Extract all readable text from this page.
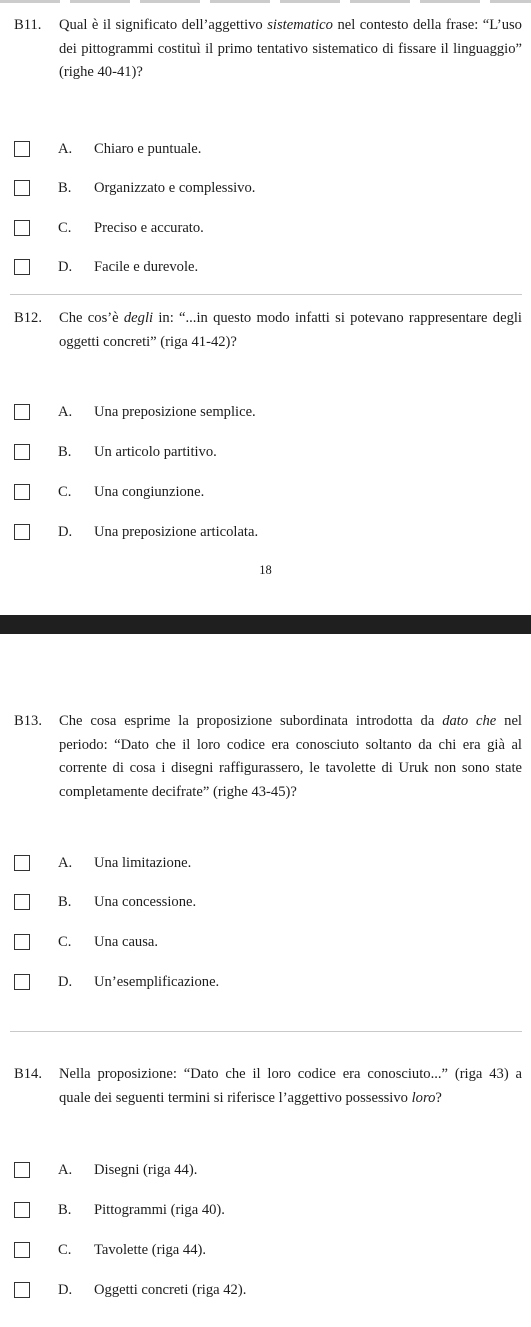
B11. Qual è il significato dell’aggettivo sistematico nel contesto della frase: “L’uso dei pittogrammi costituì il primo tentativo sistematico di fissare il linguaggio” (righe 40-41)?
A. Chiaro e puntuale.
B. Organizzato e complessivo.
C. Preciso e accurato.
D. Facile e durevole.
B12. Che cos’è degli in: “...in questo modo infatti si potevano rappresentare degli oggetti concreti” (riga 41-42)?
A. Una preposizione semplice.
B. Un articolo partitivo.
C. Una congiunzione.
D. Una preposizione articolata.
18
B13. Che cosa esprime la proposizione subordinata introdotta da dato che nel periodo: “Dato che il loro codice era conosciuto soltanto da chi era già al corrente di cosa i disegni raffigurassero, le tavolette di Uruk non sono state completamente decifrate” (righe 43-45)?
A. Una limitazione.
B. Una concessione.
C. Una causa.
D. Un’esemplificazione.
B14. Nella proposizione: “Dato che il loro codice era conosciuto...” (riga 43) a quale dei seguenti termini si riferisce l’aggettivo possessivo loro?
A. Disegni (riga 44).
B. Pittogrammi (riga 40).
C. Tavolette (riga 44).
D. Oggetti concreti (riga 42).
